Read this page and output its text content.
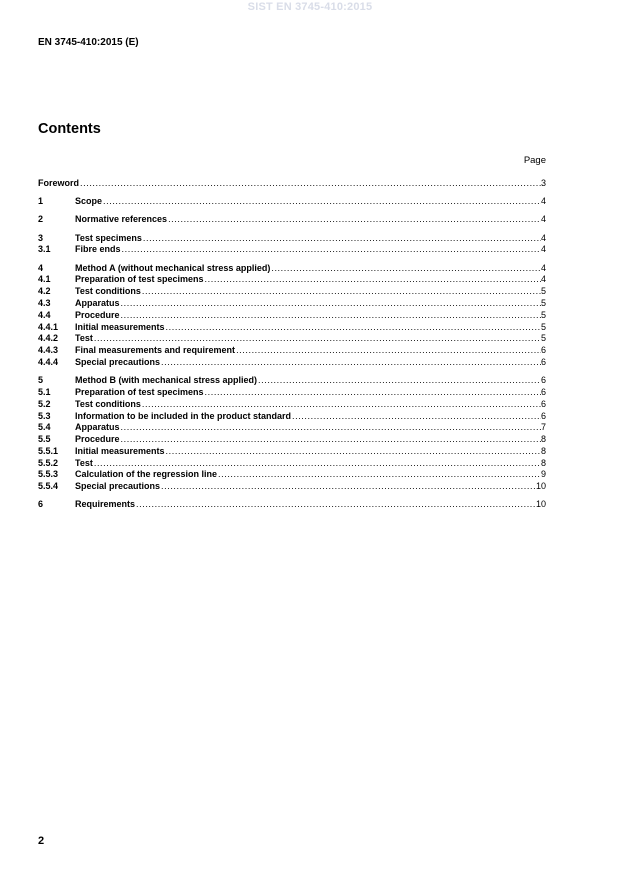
SIST EN 3745-410:2015
EN 3745-410:2015 (E)
Contents
Page
Foreword .....	3
1	Scope .....	4
2	Normative references .....	4
3	Test specimens .....	4
3.1	Fibre ends .....	4
4	Method A (without mechanical stress applied) .....	4
4.1	Preparation of test specimens .....	4
4.2	Test conditions .....	5
4.3	Apparatus .....	5
4.4	Procedure .....	5
4.4.1	Initial measurements .....	5
4.4.2	Test .....	5
4.4.3	Final measurements and requirement .....	6
4.4.4	Special precautions .....	6
5	Method B (with mechanical stress applied) .....	6
5.1	Preparation of test specimens .....	6
5.2	Test conditions .....	6
5.3	Information to be included in the product standard .....	6
5.4	Apparatus .....	7
5.5	Procedure .....	8
5.5.1	Initial measurements .....	8
5.5.2	Test .....	8
5.5.3	Calculation of the regression line .....	9
5.5.4	Special precautions .....	10
6	Requirements .....	10
2
